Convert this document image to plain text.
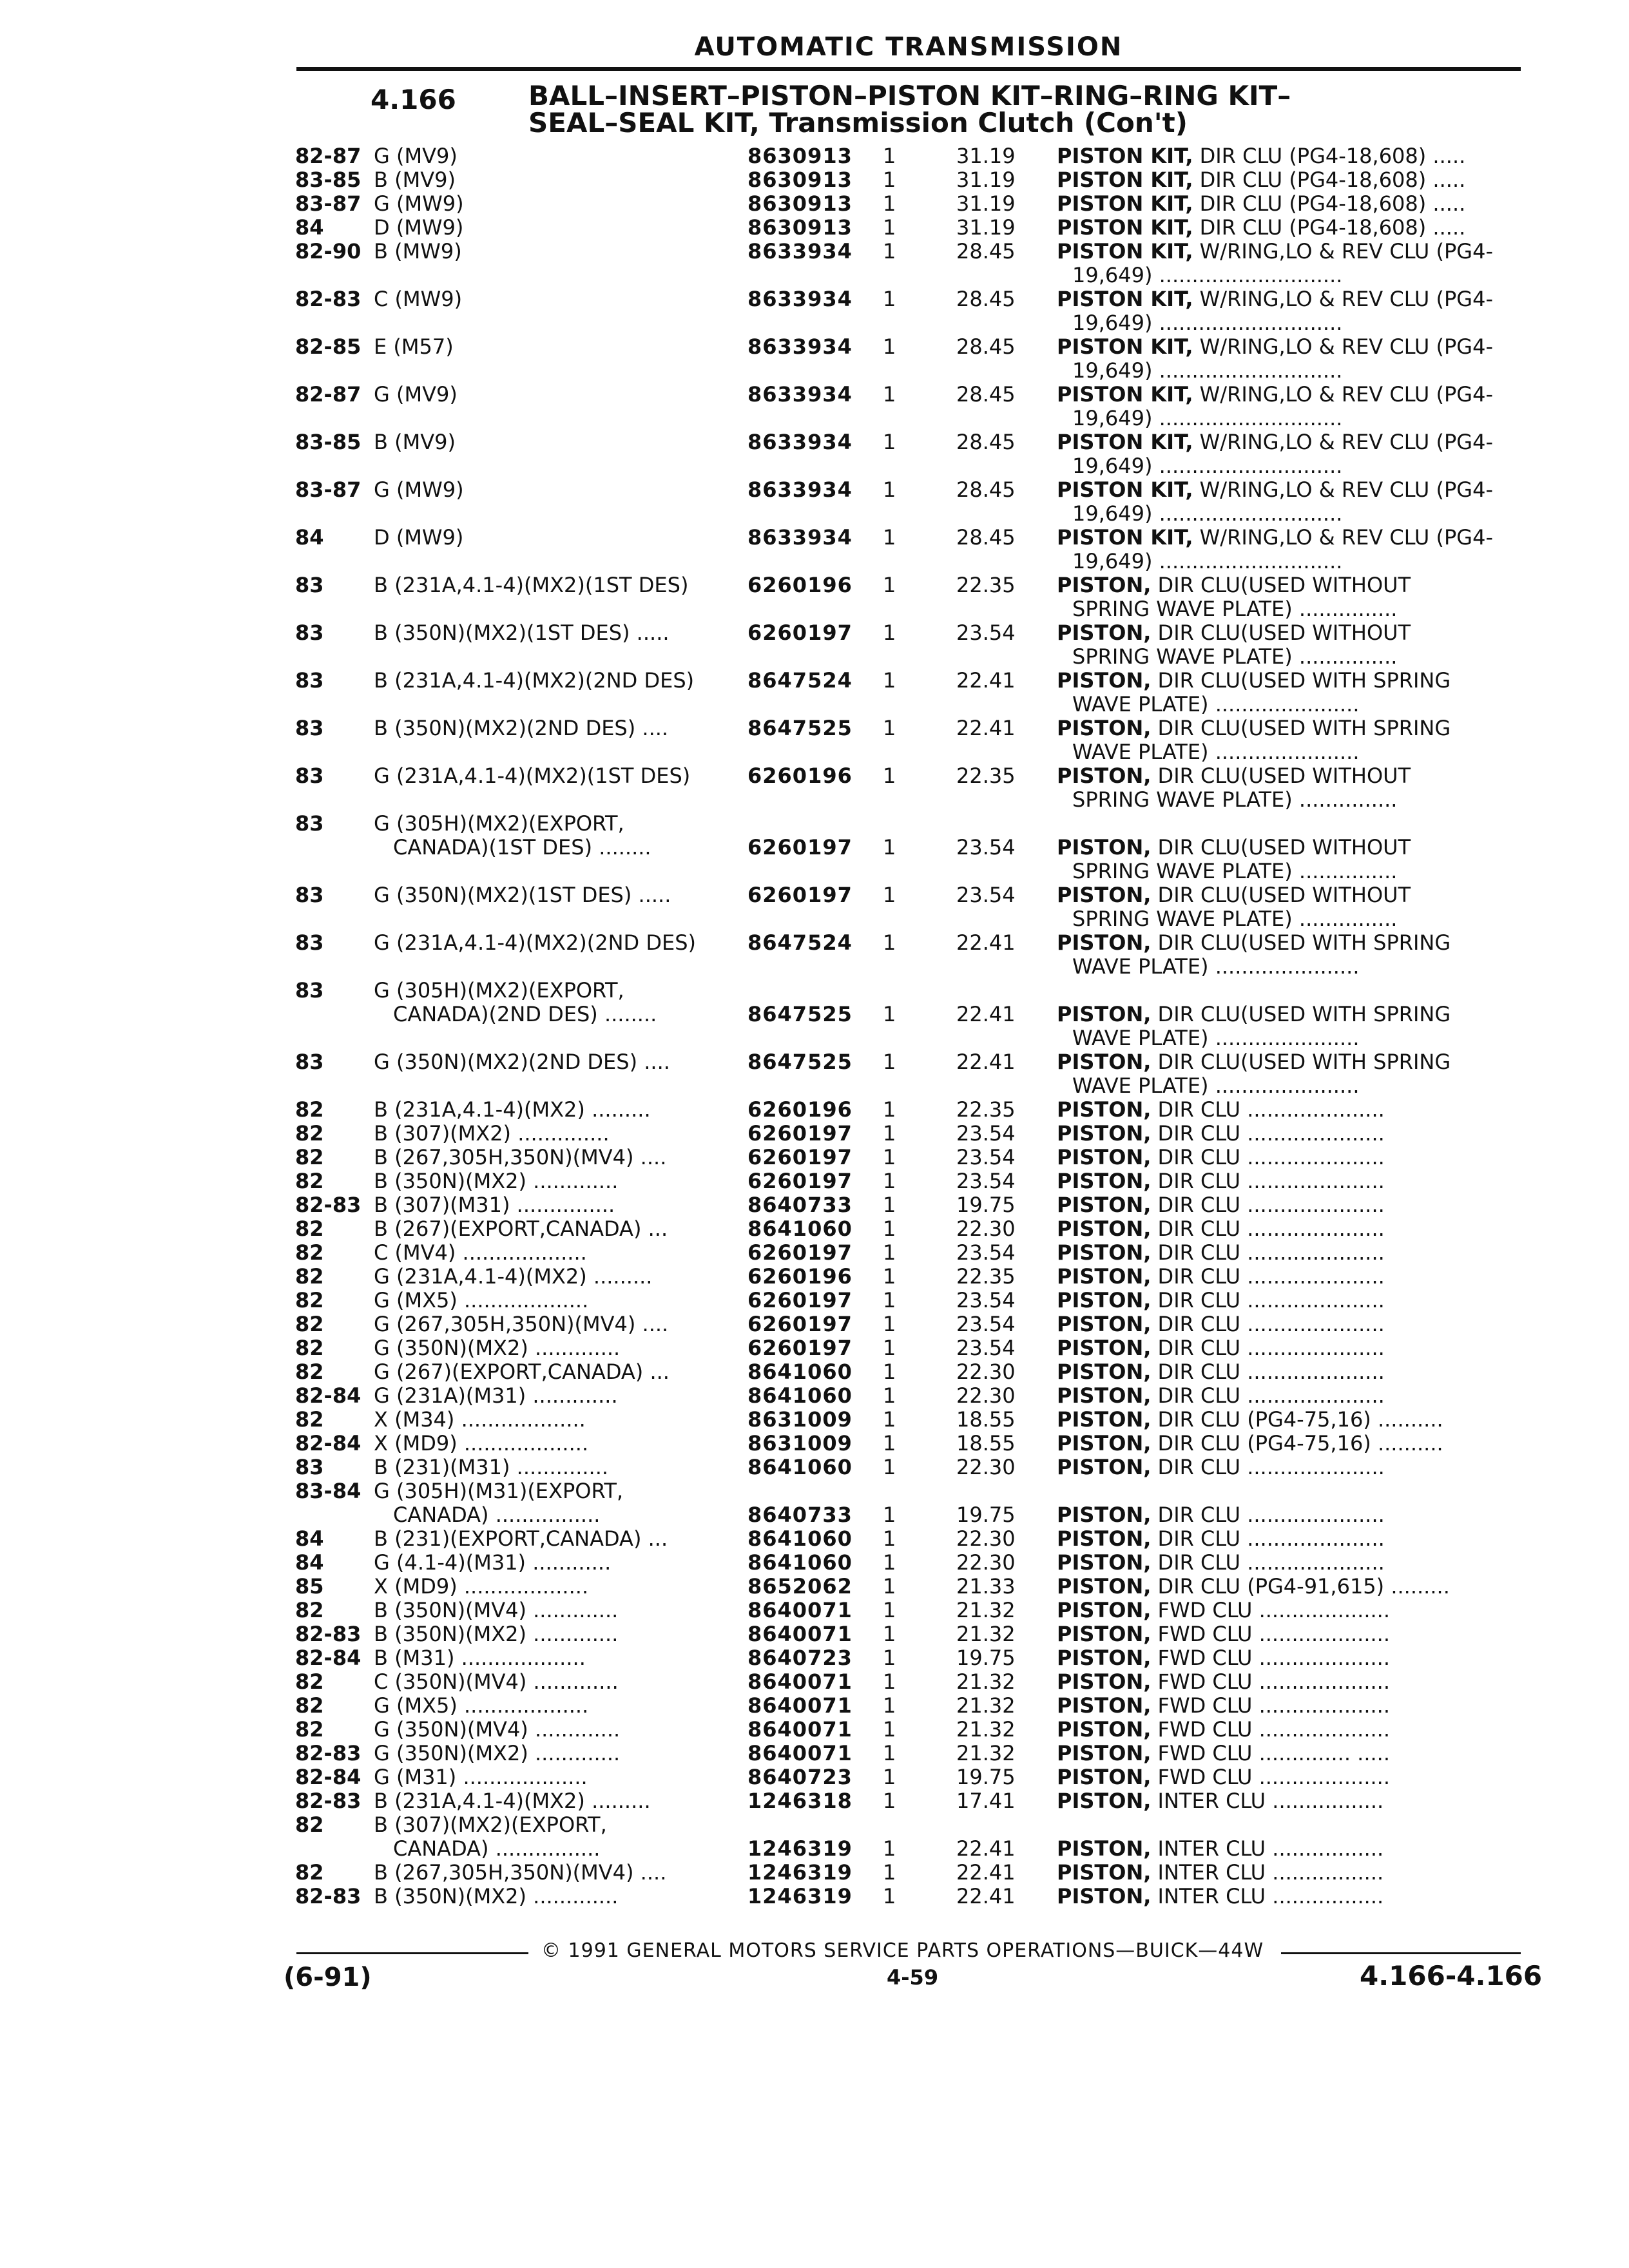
AUTOMATIC TRANSMISSION
4.166	BALL–INSERT–PISTON–PISTON KIT–RING–RING KIT–
SEAL–SEAL KIT, Transmission Clutch (Con't)
82-87 G (MV9)	8630913 1	31.19 PISTON KIT, DIR CLU (PG4-18,608) .....
83-85 B (MV9)	8630913 1	31.19 PISTON KIT, DIR CLU (PG4-18,608) .....
83-87 G (MW9)	8630913 1	31.19 PISTON KIT, DIR CLU (PG4-18,608) .....
84 D (MW9)	8630913 1	31.19 PISTON KIT, DIR CLU (PG4-18,608) .....
82-90 B (MW9)	8633934 1	28.45 PISTON KIT, W/RING,LO & REV CLU (PG4-
19,649) ............................
82-83 C (MW9)	8633934 1	28.45 PISTON KIT, W/RING,LO & REV CLU (PG4-
19,649) ............................
82-85 E (M57)	8633934 1	28.45 PISTON KIT, W/RING,LO & REV CLU (PG4-
19,649) ............................
82-87 G (MV9)	8633934 1	28.45 PISTON KIT, W/RING,LO & REV CLU (PG4-
19,649) ............................
83-85 B (MV9)	8633934 1	28.45 PISTON KIT, W/RING,LO & REV CLU (PG4-
19,649) ............................
83-87 G (MW9)	8633934 1	28.45 PISTON KIT, W/RING,LO & REV CLU (PG4-
19,649) ............................
84 D (MW9)	8633934 1	28.45 PISTON KIT, W/RING,LO & REV CLU (PG4-
19,649) ............................
83 B (231A,4.1-4)(MX2)(1ST DES)	6260196 1	22.35 PISTON, DIR CLU(USED WITHOUT
SPRING WAVE PLATE) ...............
83 B (350N)(MX2)(1ST DES) .....	6260197 1	23.54 PISTON, DIR CLU(USED WITHOUT
SPRING WAVE PLATE) ...............
83 B (231A,4.1-4)(MX2)(2ND DES)	8647524 1	22.41 PISTON, DIR CLU(USED WITH SPRING
WAVE PLATE) ......................
83 B (350N)(MX2)(2ND DES) ....	8647525 1	22.41 PISTON, DIR CLU(USED WITH SPRING
WAVE PLATE) ......................
83 G (231A,4.1-4)(MX2)(1ST DES)	6260196 1	22.35 PISTON, DIR CLU(USED WITHOUT
SPRING WAVE PLATE) ...............
83 G (305H)(MX2)(EXPORT,
CANADA)(1ST DES) ........	6260197 1	23.54 PISTON, DIR CLU(USED WITHOUT
SPRING WAVE PLATE) ...............
83 G (350N)(MX2)(1ST DES) .....	6260197 1	23.54 PISTON, DIR CLU(USED WITHOUT
SPRING WAVE PLATE) ...............
83 G (231A,4.1-4)(MX2)(2ND DES)	8647524 1	22.41 PISTON, DIR CLU(USED WITH SPRING
WAVE PLATE) ......................
83 G (305H)(MX2)(EXPORT,
CANADA)(2ND DES) ........	8647525 1	22.41 PISTON, DIR CLU(USED WITH SPRING
WAVE PLATE) ......................
83 G (350N)(MX2)(2ND DES) ....	8647525 1	22.41 PISTON, DIR CLU(USED WITH SPRING
WAVE PLATE) ......................
82 B (231A,4.1-4)(MX2) .........	6260196 1	22.35 PISTON, DIR CLU .....................
82 B (307)(MX2) ..............	6260197 1	23.54 PISTON, DIR CLU .....................
82 B (267,305H,350N)(MV4) ....	6260197 1	23.54 PISTON, DIR CLU .....................
82 B (350N)(MX2) .............	6260197 1	23.54 PISTON, DIR CLU .....................
82-83 B (307)(M31) ...............	8640733 1	19.75 PISTON, DIR CLU .....................
82 B (267)(EXPORT,CANADA) ...	8641060 1	22.30 PISTON, DIR CLU .....................
82 C (MV4) ...................	6260197 1	23.54 PISTON, DIR CLU .....................
82 G (231A,4.1-4)(MX2) .........	6260196 1	22.35 PISTON, DIR CLU .....................
82 G (MX5) ...................	6260197 1	23.54 PISTON, DIR CLU .....................
82 G (267,305H,350N)(MV4) ....	6260197 1	23.54 PISTON, DIR CLU .....................
82 G (350N)(MX2) .............	6260197 1	23.54 PISTON, DIR CLU .....................
82 G (267)(EXPORT,CANADA) ...	8641060 1	22.30 PISTON, DIR CLU .....................
82-84 G (231A)(M31) .............	8641060 1	22.30 PISTON, DIR CLU .....................
82 X (M34) ...................	8631009 1	18.55 PISTON, DIR CLU (PG4-75,16) ..........
82-84 X (MD9) ...................	8631009 1	18.55 PISTON, DIR CLU (PG4-75,16) ..........
83 B (231)(M31) ..............	8641060 1	22.30 PISTON, DIR CLU .....................
83-84 G (305H)(M31)(EXPORT,
CANADA) ................	8640733 1	19.75 PISTON, DIR CLU .....................
84 B (231)(EXPORT,CANADA) ...	8641060 1	22.30 PISTON, DIR CLU .....................
84 G (4.1-4)(M31) ............	8641060 1	22.30 PISTON, DIR CLU .....................
85 X (MD9) ...................	8652062 1	21.33 PISTON, DIR CLU (PG4-91,615) .........
82 B (350N)(MV4) .............	8640071 1	21.32 PISTON, FWD CLU ....................
82-83 B (350N)(MX2) .............	8640071 1	21.32 PISTON, FWD CLU ....................
82-84 B (M31) ...................	8640723 1	19.75 PISTON, FWD CLU ....................
82 C (350N)(MV4) .............	8640071 1	21.32 PISTON, FWD CLU ....................
82 G (MX5) ...................	8640071 1	21.32 PISTON, FWD CLU ....................
82 G (350N)(MV4) .............	8640071 1	21.32 PISTON, FWD CLU ....................
82-83 G (350N)(MX2) .............	8640071 1	21.32 PISTON, FWD CLU .............. .....
82-84 G (M31) ...................	8640723 1	19.75 PISTON, FWD CLU ....................
82-83 B (231A,4.1-4)(MX2) .........	1246318 1	17.41 PISTON, INTER CLU .................
82 B (307)(MX2)(EXPORT,
CANADA) ................	1246319 1	22.41 PISTON, INTER CLU .................
82 B (267,305H,350N)(MV4) ....	1246319 1	22.41 PISTON, INTER CLU .................
82-83 B (350N)(MX2) .............	1246319 1	22.41 PISTON, INTER CLU .................
© 1991 GENERAL MOTORS SERVICE PARTS OPERATIONS—BUICK—44W
(6-91)	4-59	4.166-4.166
